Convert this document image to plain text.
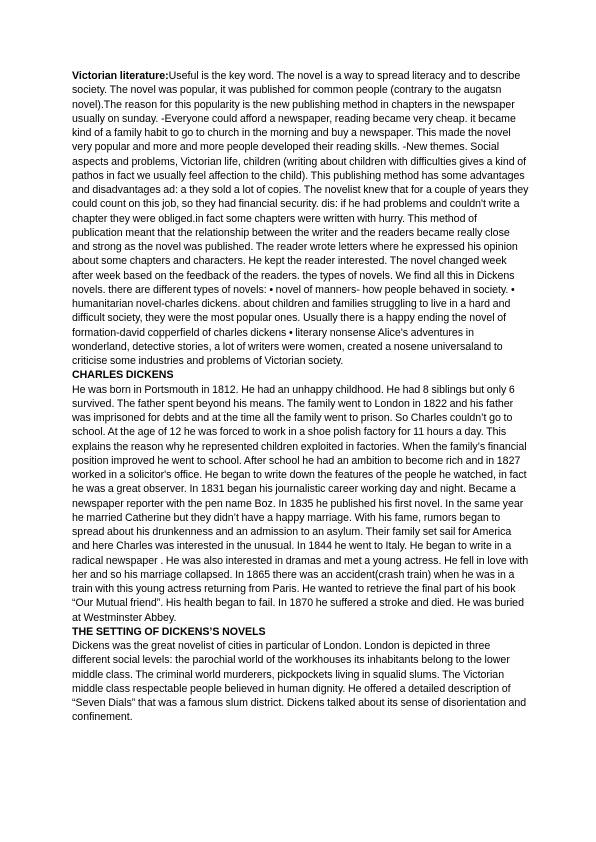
Victorian literature:Useful is the key word. The novel is a way to spread literacy and to describe society. The novel was popular, it was published for common people (contrary to the augatsn novel).The reason for this popularity is the new publishing method in chapters in the newspaper usually on sunday. -Everyone could afford a newspaper, reading became very cheap. it became kind of a family habit to go to church in the morning and buy a newspaper. This made the novel very popular and more and more people developed their reading skills. -New themes. Social aspects and problems, Victorian life, children (writing about children with difficulties gives a kind of pathos in fact we usually feel affection to the child). This publishing method has some advantages and disadvantages ad: a they sold a lot of copies. The novelist knew that for a couple of years they could count on this job, so they had financial security. dis: if he had problems and couldn't write a chapter they were obliged.in fact some chapters were written with hurry. This method of publication meant that the relationship between the writer and the readers became really close and strong as the novel was published. The reader wrote letters where he expressed his opinion about some chapters and characters. He kept the reader interested. The novel changed week after week based on the feedback of the readers. the types of novels. We find all this in Dickens novels. there are different types of novels: • novel of manners- how people behaved in society. • humanitarian novel-charles dickens. about children and families struggling to live in a hard and difficult society, they were the most popular ones. Usually there is a happy ending the novel of formation-david copperfield of charles dickens • literary nonsense Alice's adventures in wonderland, detective stories, a lot of writers were women, created a nosene universaland to criticise some industries and problems of Victorian society.

CHARLES DICKENS

He was born in Portsmouth in 1812. He had an unhappy childhood. He had 8 siblings but only 6 survived. The father spent beyond his means. The family went to London in 1822 and his father was imprisoned for debts and at the time all the family went to prison. So Charles couldn’t go to school. At the age of 12 he was forced to work in a shoe polish factory for 11 hours a day. This explains the reason why he represented children exploited in factories. When the family’s financial position improved he went to school. After school he had an ambition to become rich and in 1827 worked in a solicitor's office. He began to write down the features of the people he watched, in fact he was a great observer. In 1831 began his journalistic career working day and night. Became a newspaper reporter with the pen name Boz. In 1835 he published his first novel. In the same year he married Catherine but they didn’t have a happy marriage. With his fame, rumors began to spread about his drunkenness and an admission to an asylum. Their family set sail for America and here Charles was interested in the unusual. In 1844 he went to Italy. He began to write in a radical newspaper . He was also interested in dramas and met a young actress. He fell in love with her and so his marriage collapsed. In 1865 there was an accident(crash train) when he was in a train with this young actress returning from Paris. He wanted to retrieve the final part of his book “Our Mutual friend”. His health began to fail. In 1870 he suffered a stroke and died. He was buried at Westminster Abbey.

THE SETTING OF DICKENS’S NOVELS

Dickens was the great novelist of cities in particular of London. London is depicted in three different social levels: the parochial world of the workhouses its inhabitants belong to the lower middle class. The criminal world murderers, pickpockets living in squalid slums. The Victorian middle class respectable people believed in human dignity. He offered a detailed description of “Seven Dials” that was a famous slum district. Dickens talked about its sense of disorientation and confinement.
